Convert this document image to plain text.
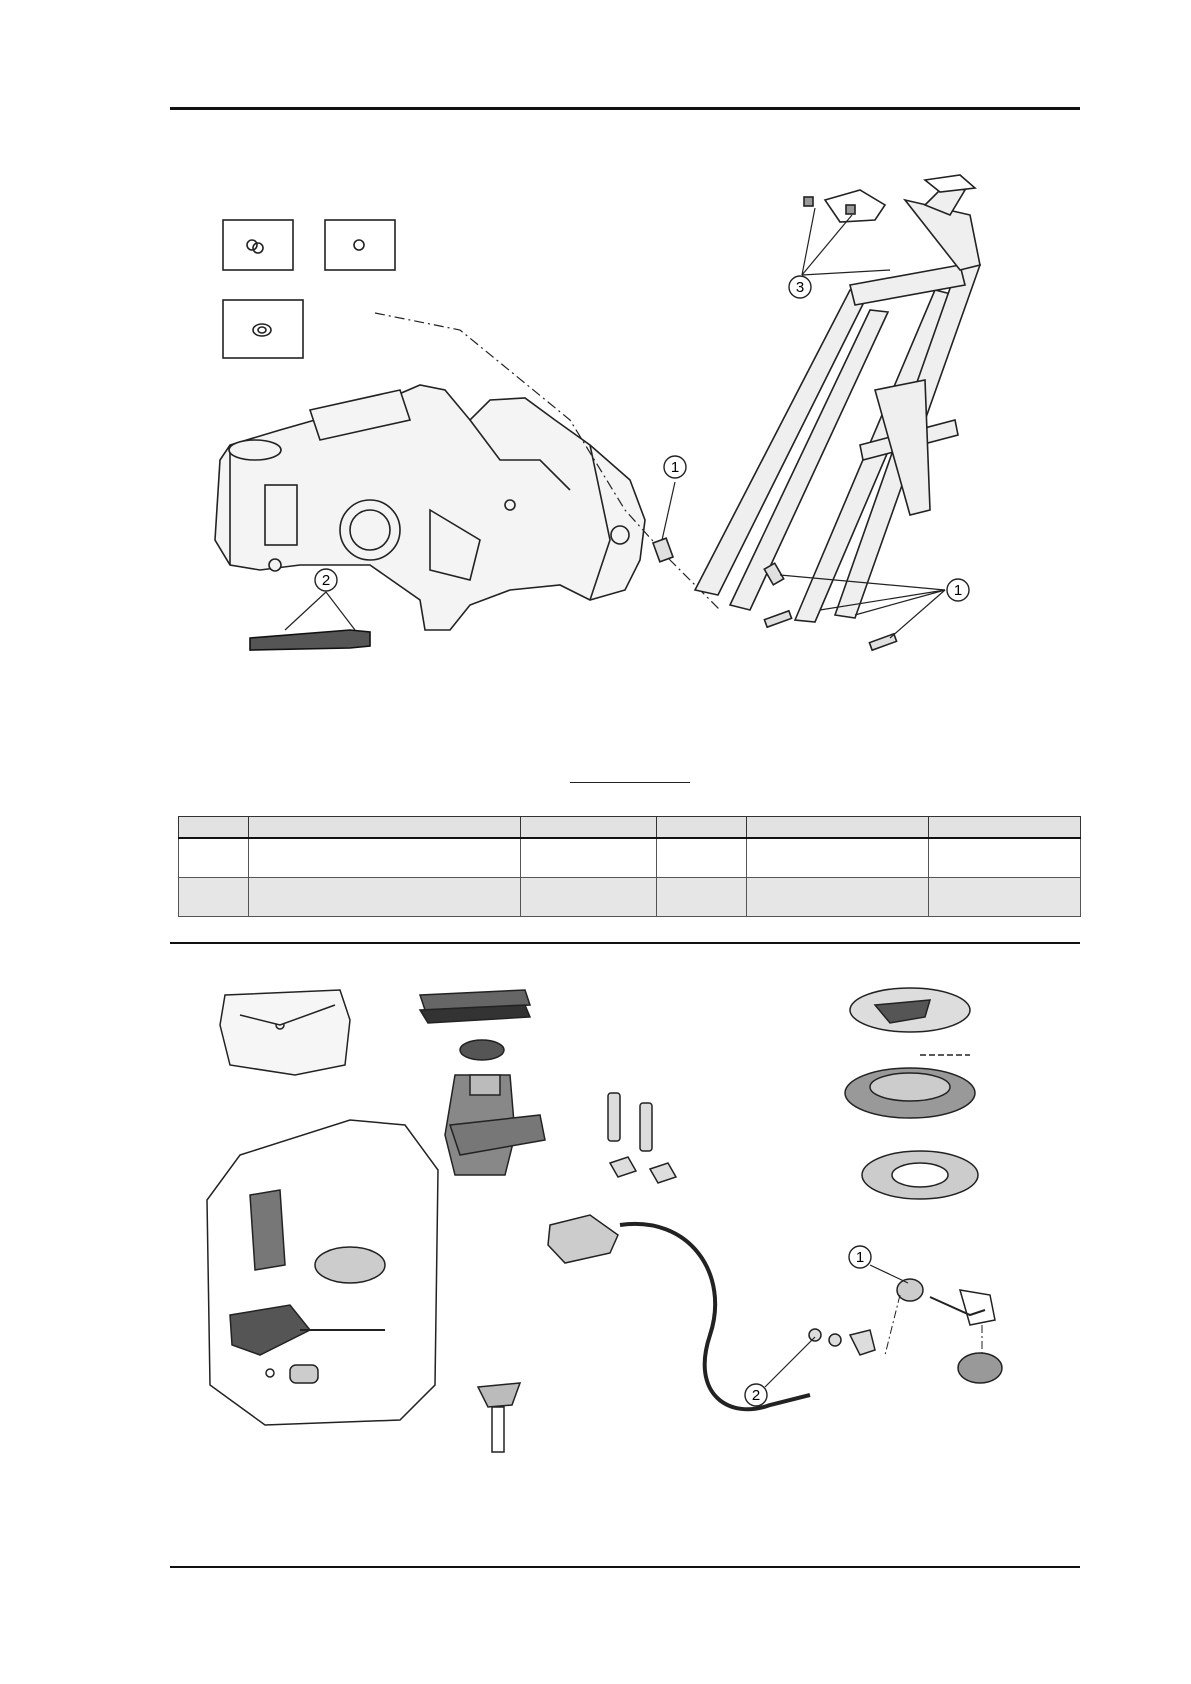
1
1
2
3

1
2
